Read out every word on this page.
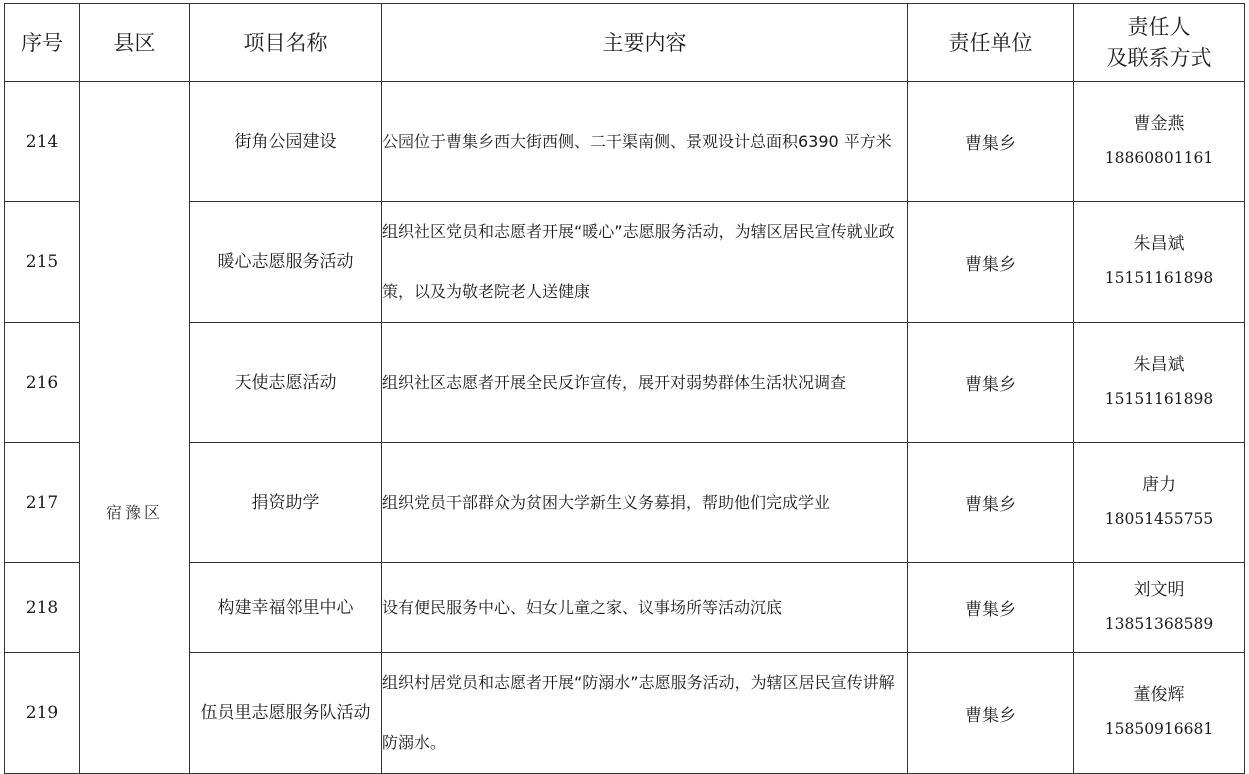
序号	县区	项目名称	主要内容	责任单位	责任人
及联系方式

214	宿豫区	街角公园建设	公园位于曹集乡西大街西侧、二干渠南侧、景观设计总面积6390 平方米	曹集乡	曹金燕
18860801161

215		暖心志愿服务活动	组织社区党员和志愿者开展“暖心”志愿服务活动，为辖区居民宣传就业政策，以及为敬老院老人送健康	曹集乡	朱昌斌
15151161898

216		天使志愿活动	组织社区志愿者开展全民反诈宣传，展开对弱势群体生活状况调查	曹集乡	朱昌斌
15151161898

217		捐资助学	组织党员干部群众为贫困大学新生义务募捐，帮助他们完成学业	曹集乡	唐力
18051455755

218		构建幸福邻里中心	设有便民服务中心、妇女儿童之家、议事场所等活动沉底	曹集乡	刘文明
13851368589

219		伍员里志愿服务队活动	组织村居党员和志愿者开展“防溺水”志愿服务活动，为辖区居民宣传讲解防溺水。	曹集乡	董俊辉
15850916681
